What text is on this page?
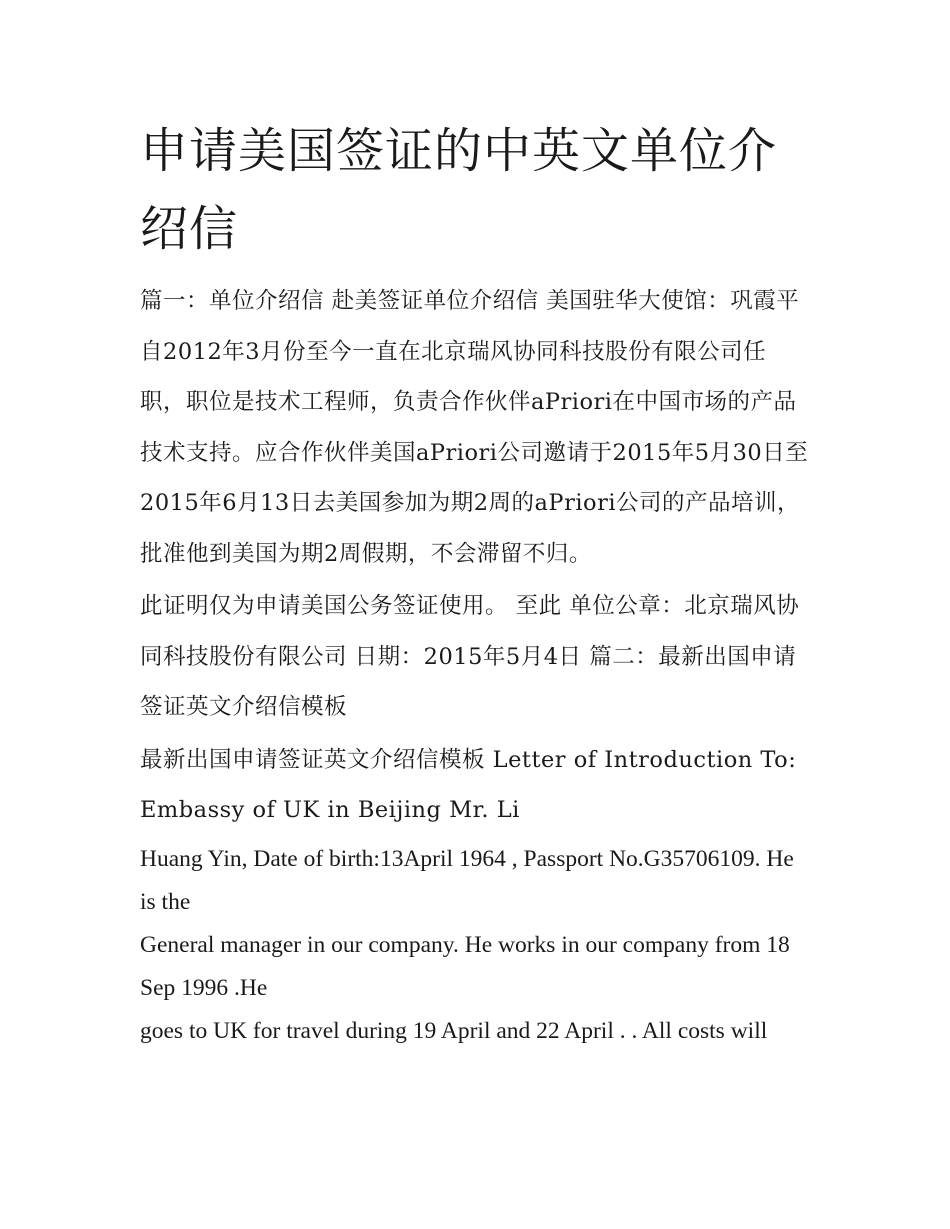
申请美国签证的中英文单位介绍信

篇一：单位介绍信 赴美签证单位介绍信 美国驻华大使馆：巩霞平自2012年3月份至今一直在北京瑞风协同科技股份有限公司任职，职位是技术工程师，负责合作伙伴aPriori在中国市场的产品技术支持。应合作伙伴美国aPriori公司邀请于2015年5月30日至2015年6月13日去美国参加为期2周的aPriori公司的产品培训，批准他到美国为期2周假期，不会滞留不归。

此证明仅为申请美国公务签证使用。 至此 单位公章：北京瑞风协同科技股份有限公司 日期：2015年5月4日 篇二：最新出国申请签证英文介绍信模板

最新出国申请签证英文介绍信模板 Letter of Introduction To: Embassy of UK in Beijing Mr. Li

Huang Yin, Date of birth:13April 1964 , Passport No.G35706109. He is the

General manager in our company. He works in our company from 18 Sep 1996 .He

goes to UK for travel during 19 April and 22 April . . All costs will
